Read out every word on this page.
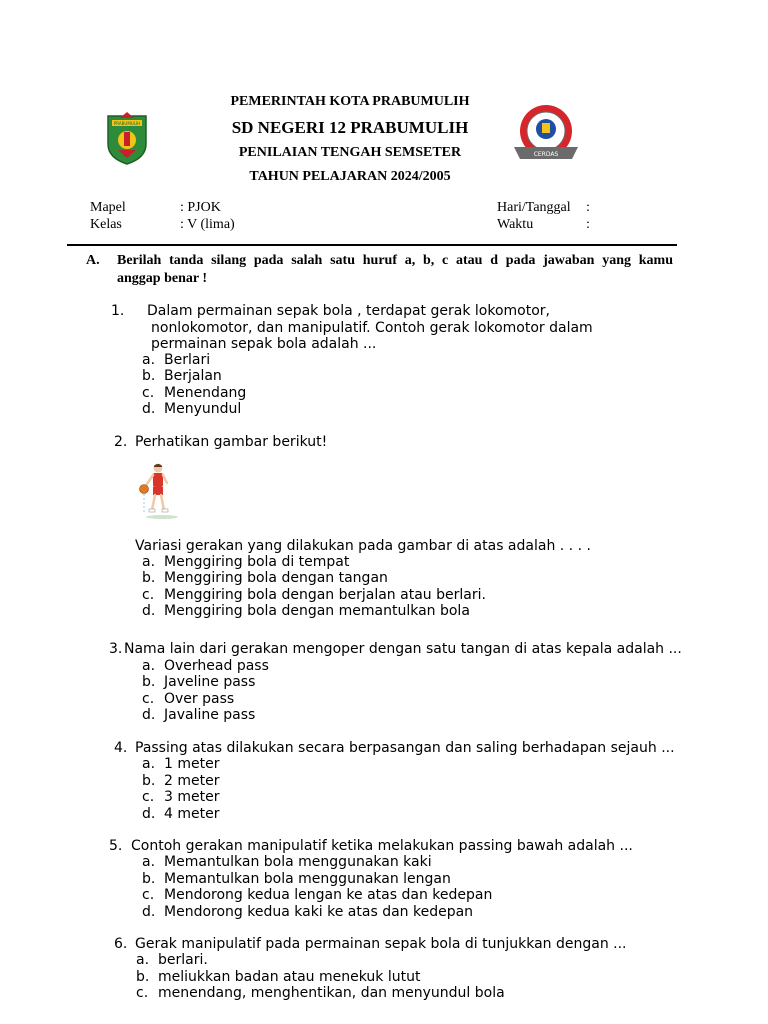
PEMERINTAH KOTA PRABUMULIH
SD NEGERI 12 PRABUMULIH
PENILAIAN TENGAH SEMSETER
TAHUN PELAJARAN 2024/2005
PRABUMULIH
CERDAS
Mapel	: PJOK
Kelas	: V (lima)
Hari/Tanggal :
Waktu	:
A. Berilah tanda silang pada salah satu huruf a, b, c atau d pada jawaban yang kamu
anggap benar !
1. Dalam permainan sepak bola , terdapat gerak lokomotor,
nonlokomotor, dan manipulatif. Contoh gerak lokomotor dalam
permainan sepak bola adalah ...
a. Berlari
b. Berjalan
c. Menendang
d. Menyundul
2. Perhatikan gambar berikut!
Variasi gerakan yang dilakukan pada gambar di atas adalah . . . .
a. Menggiring bola di tempat
b. Menggiring bola dengan tangan
c. Menggiring bola dengan berjalan atau berlari.
d. Menggiring bola dengan memantulkan bola
3. Nama lain dari gerakan mengoper dengan satu tangan di atas kepala adalah ...
a. Overhead pass
b. Javeline pass
c. Over pass
d. Javaline pass
4. Passing atas dilakukan secara berpasangan dan saling berhadapan sejauh ...
a. 1 meter
b. 2 meter
c. 3 meter
d. 4 meter
5. Contoh gerakan manipulatif ketika melakukan passing bawah adalah ...
a. Memantulkan bola menggunakan kaki
b. Memantulkan bola menggunakan lengan
c. Mendorong kedua lengan ke atas dan kedepan
d. Mendorong kedua kaki ke atas dan kedepan
6. Gerak manipulatif pada permainan sepak bola di tunjukkan dengan ...
a. berlari.
b. meliukkan badan atau menekuk lutut
c. menendang, menghentikan, dan menyundul bola
